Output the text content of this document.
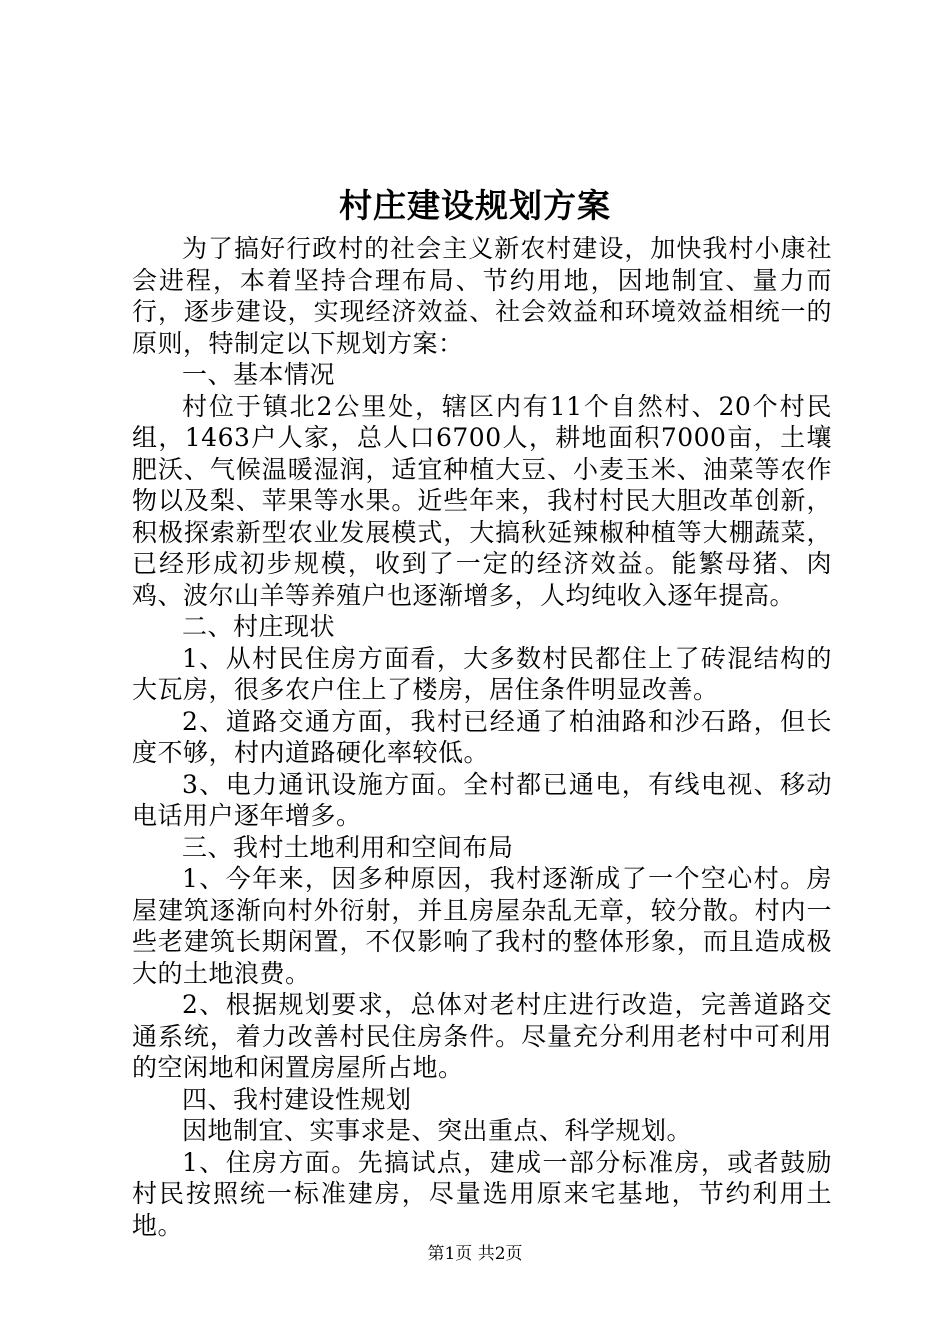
村庄建设规划方案

为了搞好行政村的社会主义新农村建设，加快我村小康社会进程，本着坚持合理布局、节约用地，因地制宜、量力而行，逐步建设，实现经济效益、社会效益和环境效益相统一的原则，特制定以下规划方案：

一、基本情况

村位于镇北2公里处，辖区内有11个自然村、20个村民组，1463户人家，总人口6700人，耕地面积7000亩，土壤肥沃、气候温暖湿润，适宜种植大豆、小麦玉米、油菜等农作物以及梨、苹果等水果。近些年来，我村村民大胆改革创新，积极探索新型农业发展模式，大搞秋延辣椒种植等大棚蔬菜，已经形成初步规模，收到了一定的经济效益。能繁母猪、肉鸡、波尔山羊等养殖户也逐渐增多，人均纯收入逐年提高。

二、村庄现状

1、从村民住房方面看，大多数村民都住上了砖混结构的大瓦房，很多农户住上了楼房，居住条件明显改善。

2、道路交通方面，我村已经通了柏油路和沙石路，但长度不够，村内道路硬化率较低。

3、电力通讯设施方面。全村都已通电，有线电视、移动电话用户逐年增多。

三、我村土地利用和空间布局

1、今年来，因多种原因，我村逐渐成了一个空心村。房屋建筑逐渐向村外衍射，并且房屋杂乱无章，较分散。村内一些老建筑长期闲置，不仅影响了我村的整体形象，而且造成极大的土地浪费。

2、根据规划要求，总体对老村庄进行改造，完善道路交通系统，着力改善村民住房条件。尽量充分利用老村中可利用的空闲地和闲置房屋所占地。

四、我村建设性规划

因地制宜、实事求是、突出重点、科学规划。

1、住房方面。先搞试点，建成一部分标准房，或者鼓励村民按照统一标准建房，尽量选用原来宅基地，节约利用土地。

第1页 共2页
